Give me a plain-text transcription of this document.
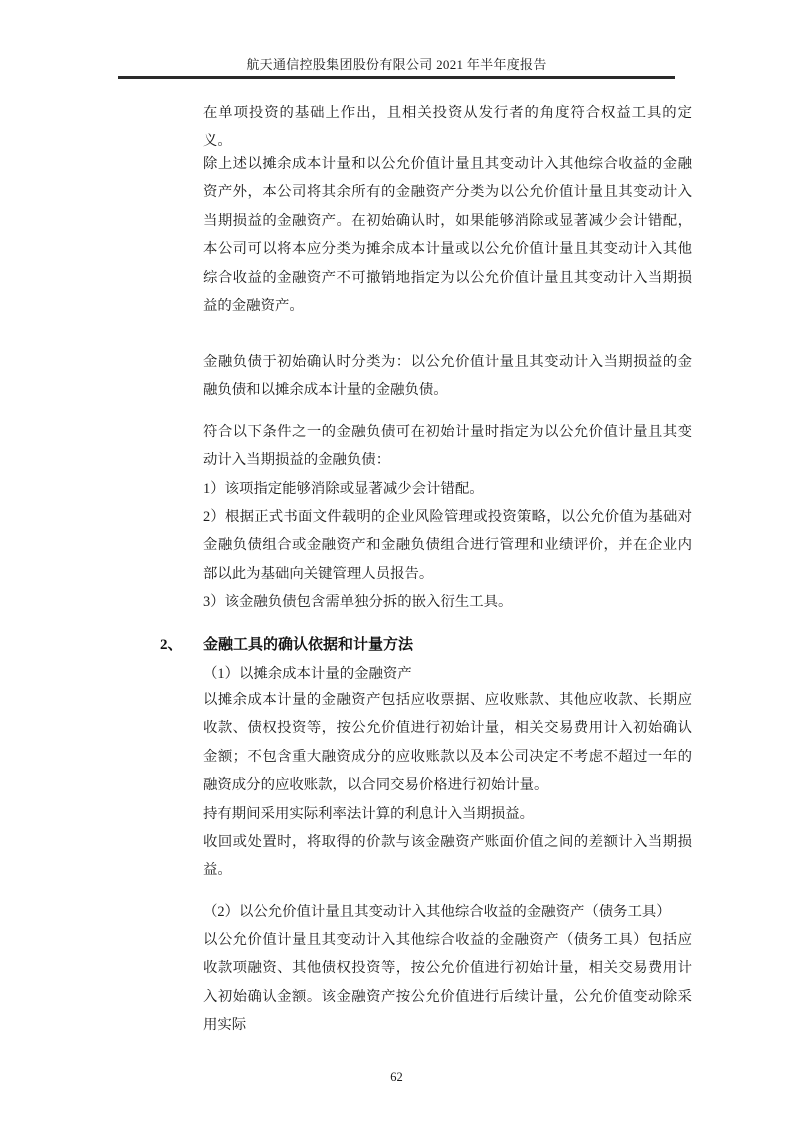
航天通信控股集团股份有限公司 2021 年半年度报告
在单项投资的基础上作出，且相关投资从发行者的角度符合权益工具的定义。
除上述以摊余成本计量和以公允价值计量且其变动计入其他综合收益的金融资产外，本公司将其余所有的金融资产分类为以公允价值计量且其变动计入当期损益的金融资产。在初始确认时，如果能够消除或显著减少会计错配，本公司可以将本应分类为摊余成本计量或以公允价值计量且其变动计入其他综合收益的金融资产不可撤销地指定为以公允价值计量且其变动计入当期损益的金融资产。
金融负债于初始确认时分类为：以公允价值计量且其变动计入当期损益的金融负债和以摊余成本计量的金融负债。
符合以下条件之一的金融负债可在初始计量时指定为以公允价值计量且其变动计入当期损益的金融负债：
1）该项指定能够消除或显著减少会计错配。
2）根据正式书面文件载明的企业风险管理或投资策略，以公允价值为基础对金融负债组合或金融资产和金融负债组合进行管理和业绩评价，并在企业内部以此为基础向关键管理人员报告。
3）该金融负债包含需单独分拆的嵌入衍生工具。
2、 金融工具的确认依据和计量方法
（1）以摊余成本计量的金融资产
以摊余成本计量的金融资产包括应收票据、应收账款、其他应收款、长期应收款、债权投资等，按公允价值进行初始计量，相关交易费用计入初始确认金额；不包含重大融资成分的应收账款以及本公司决定不考虑不超过一年的融资成分的应收账款，以合同交易价格进行初始计量。
持有期间采用实际利率法计算的利息计入当期损益。
收回或处置时，将取得的价款与该金融资产账面价值之间的差额计入当期损益。
（2）以公允价值计量且其变动计入其他综合收益的金融资产（债务工具）
以公允价值计量且其变动计入其他综合收益的金融资产（债务工具）包括应收款项融资、其他债权投资等，按公允价值进行初始计量，相关交易费用计入初始确认金额。该金融资产按公允价值进行后续计量，公允价值变动除采用实际
62
